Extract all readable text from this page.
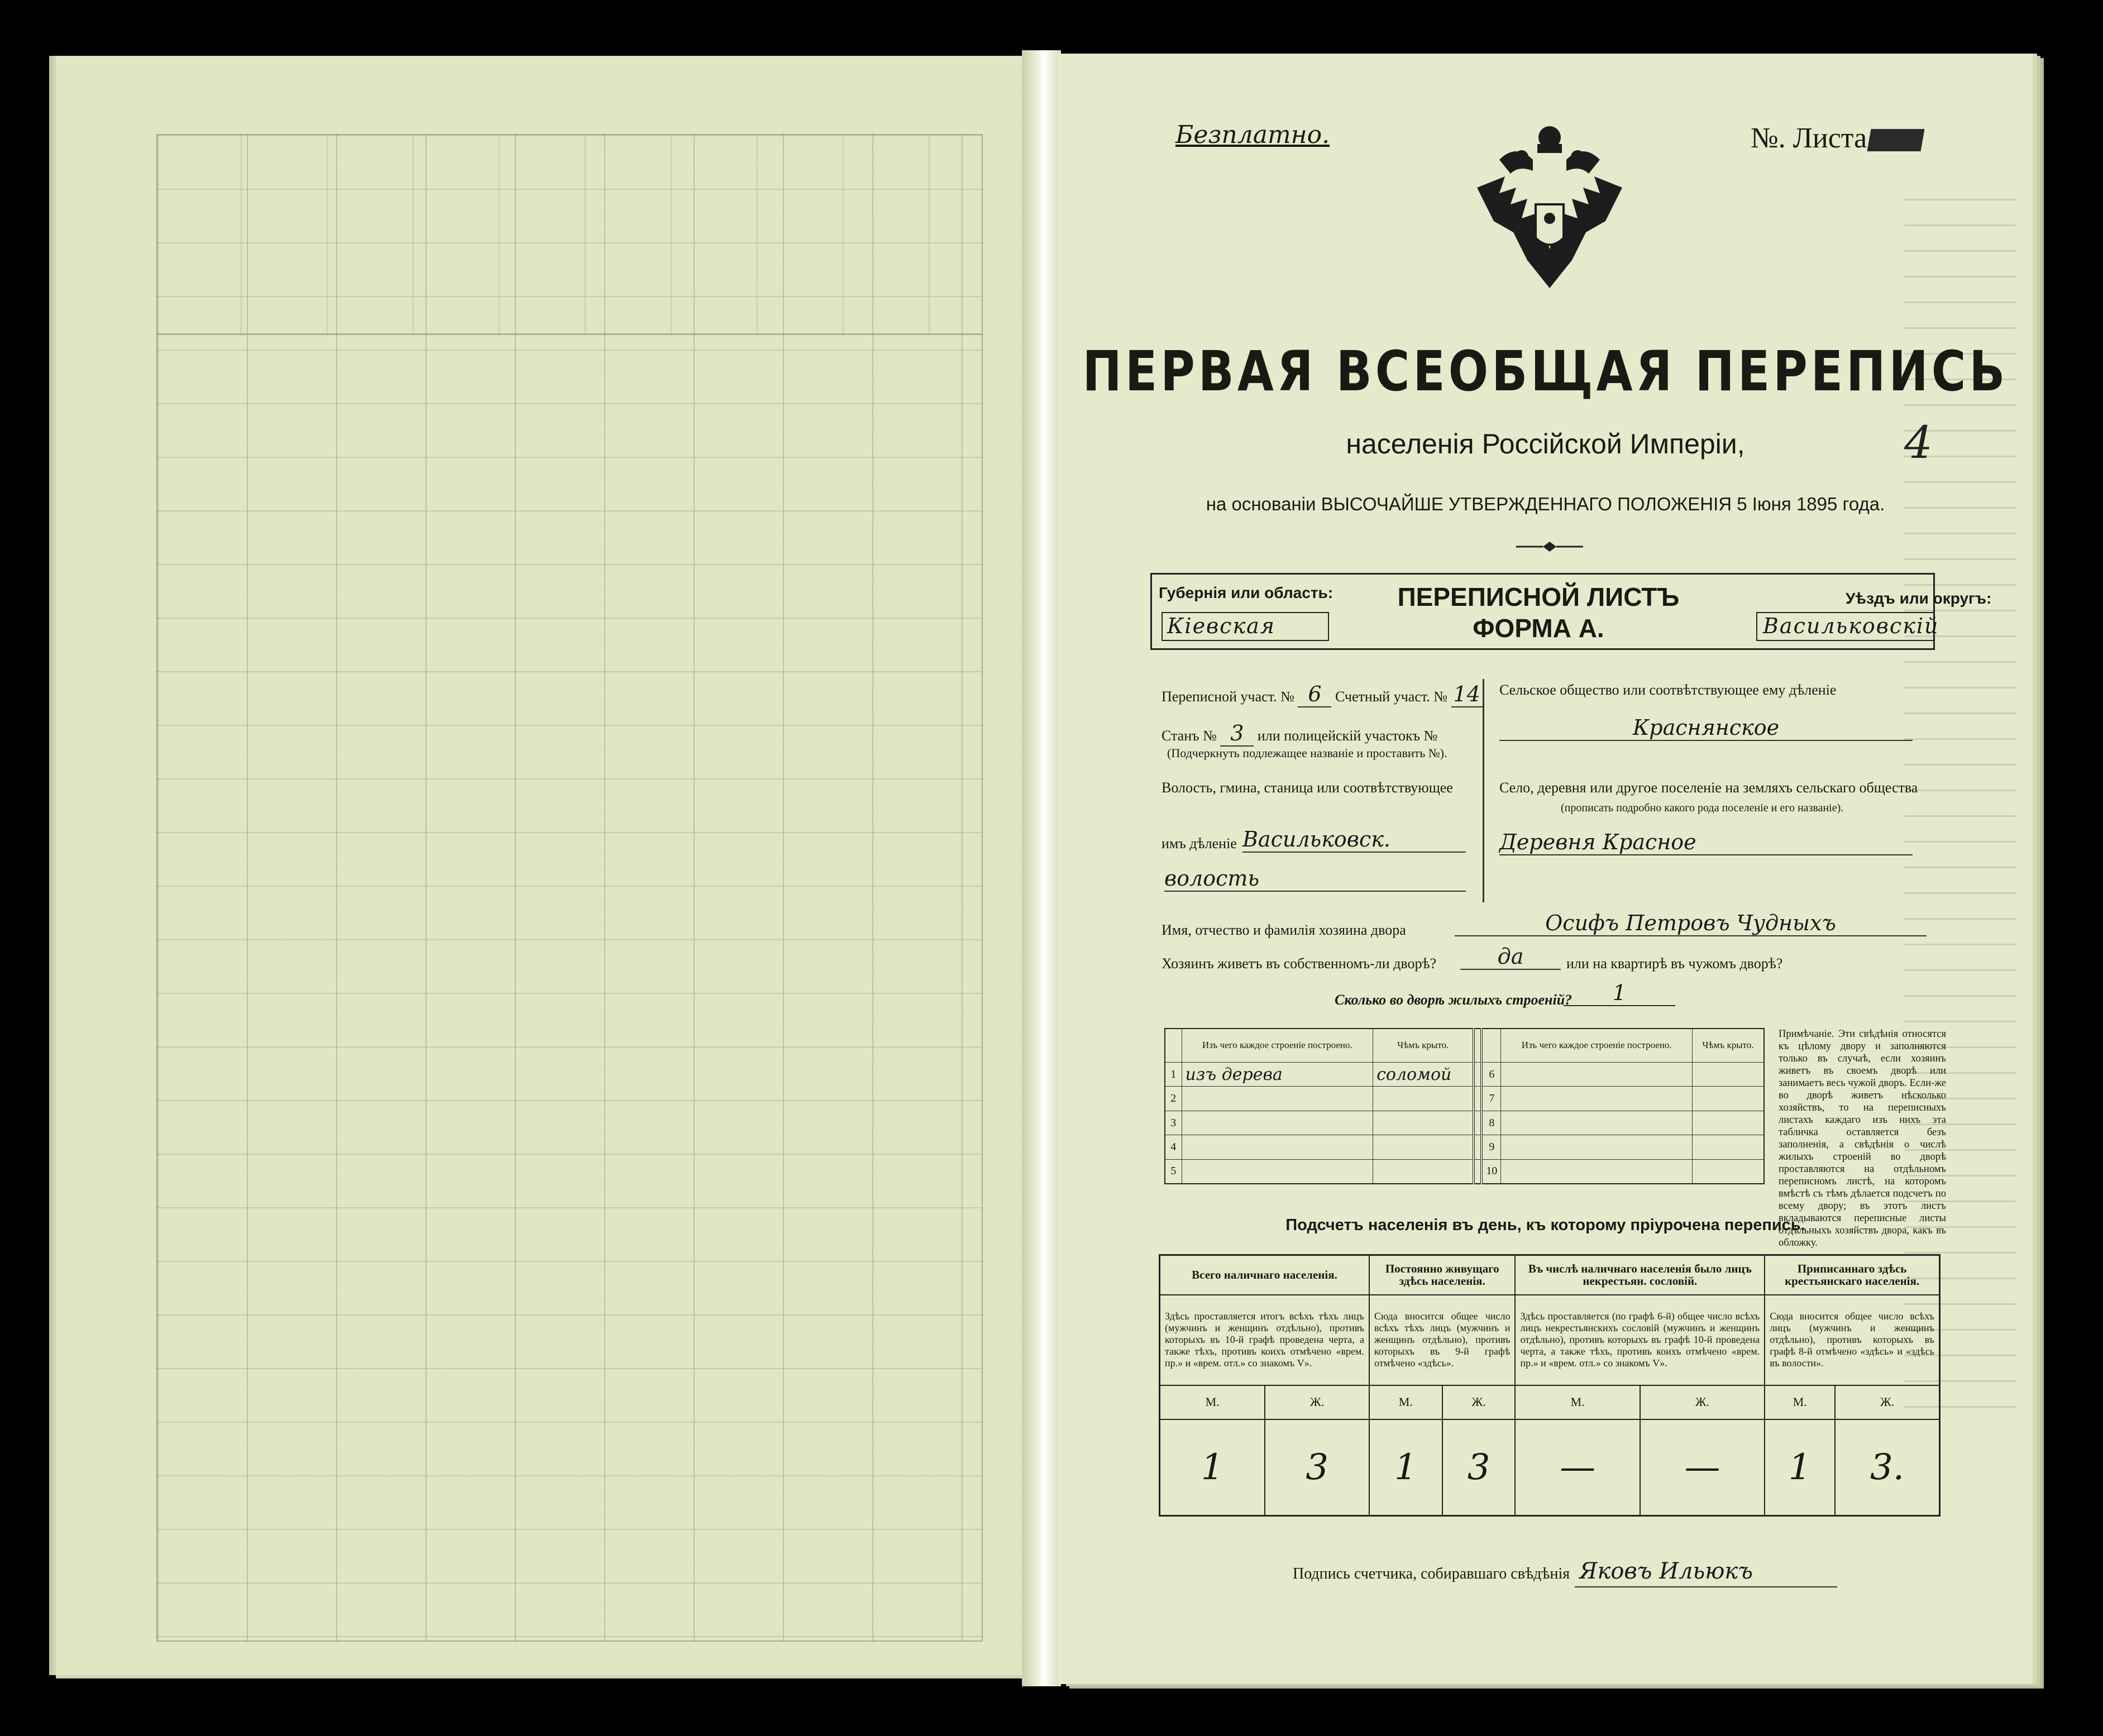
Безплатно.	№. Листа
ПЕРВАЯ ВСЕОБЩАЯ ПЕРЕПИСЬ
населенія Россійской Имперіи,	4
на основаніи ВЫСОЧАЙШЕ УТВЕРЖДЕННАГО ПОЛОЖЕНІЯ 5 Іюня 1895 года.
Губернія или область:
Кіевская
ПЕРЕПИСНОЙ ЛИСТЪ
ФОРМА А.
Уѣздъ или округъ:
Васильковскій
Переписной участ. № 6 Счетный участ. № 14
Станъ № 3 или полицейскій участокъ №
(Подчеркнуть подлежащее названіе и проставить №).
Волость, гмина, станица или соотвѣтствующее
имъ дѣленіе Васильковск.
волость
Сельское общество или соотвѣтствующее ему дѣленіе
Краснянское
Село, деревня или другое поселеніе на земляхъ сельскаго общества
(прописать подробно какого рода поселеніе и его названіе).
Деревня Красное
Имя, отчество и фамилія хозяина двора	Осифъ Петровъ Чудныхъ
Хозяинъ живетъ въ собственномъ-ли дворѣ?	да	или на квартирѣ въ чужомъ дворѣ?
Сколько во дворѣ жилыхъ строеній?	1
	Изъ чего каждое строеніе построено.	Чѣмъ крыто.			Изъ чего каждое строеніе построено.	Чѣмъ крыто.
1	изъ дерева	соломой		6		
2				7		
3				8		
4				9		
5				10		
Примѣчаніе. Эти свѣдѣнія относятся къ цѣлому двору и заполняются только въ случаѣ, если хозяинъ живетъ въ своемъ дворѣ или занимаетъ весь чужой дворъ. Если-же во дворѣ живетъ нѣсколько хозяйствъ, то на переписныхъ листахъ каждаго изъ нихъ эта табличка оставляется безъ заполненія, а свѣдѣнія о числѣ жилыхъ строеній во дворѣ проставляются на отдѣльномъ переписномъ листѣ, на которомъ вмѣстѣ съ тѣмъ дѣлается подсчетъ по всему двору; въ этотъ листъ вкладываются переписные листы отдѣльныхъ хозяйствъ двора, какъ въ обложку.
Подсчетъ населенія въ день, къ которому пріурочена перепись.
Всего наличнаго населенія.		Постоянно живущаго здѣсь населенія.		Въ числѣ наличнаго населенія было лицъ некрестьян. сословій.		Приписаннаго здѣсь крестьянскаго населенія.	
Здѣсь проставляется итогъ всѣхъ тѣхъ лицъ (мужчинъ и женщинъ отдѣльно), противъ которыхъ въ 10-й графѣ проведена черта, а также тѣхъ, противъ коихъ отмѣчено «врем. пр.» и «врем. отл.» со знакомъ V».		Сюда вносится общее число всѣхъ тѣхъ лицъ (мужчинъ и женщинъ отдѣльно), противъ которыхъ въ 9-й графѣ отмѣчено «здѣсь».		Здѣсь проставляется (по графѣ 6-й) общее число всѣхъ лицъ некрестьянскихъ сословій (мужчинъ и женщинъ отдѣльно), противъ которыхъ въ графѣ 10-й проведена черта, а также тѣхъ, противъ коихъ отмѣчено «врем. пр.» и «врем. отл.» со знакомъ V».		Сюда вносится общее число всѣхъ лицъ (мужчинъ и женщинъ отдѣльно), противъ которыхъ въ графѣ 8-й отмѣчено «здѣсь» и «здѣсь въ волости».	
М.	Ж.	М.	Ж.	М.	Ж.	М.	Ж.
1	3	1	3	—	—	1	3.
Подпись счетчика, собиравшаго свѣдѣнія Яковъ Ильюкъ
